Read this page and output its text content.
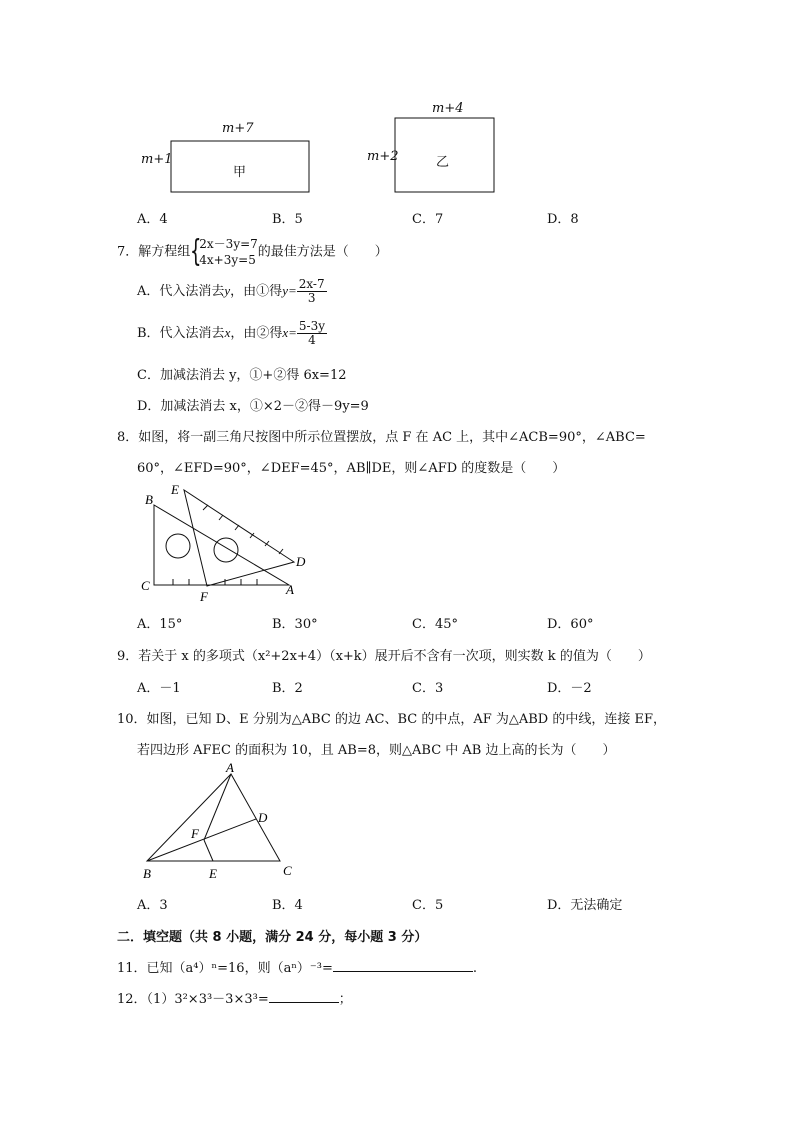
m+7
m+1
甲
m+4
m+2	乙
A．4	B．5	C．7	D．8
7．解方程组 {
2x－3y=7
4x+3y=5
的最佳方法是（　　）
A．代入法消去y，由①得$y= \frac{2x-7}{3}$
B．代入法消去x，由②得$x= \frac{5-3y}{4}$
C．加减法消去 y，①+②得 6x=12
D．加减法消去 x，①×2－②得－9y=9
8．如图，将一副三角尺按图中所示位置摆放，点 F 在 AC 上，其中∠ACB=90°，∠ABC=
60°，∠EFD=90°，∠DEF=45°，AB∥DE，则∠AFD 的度数是（　　）
B
E
C
F	A
D
A．15°	B．30°	C．45°	D．60°
9．若关于 x 的多项式（x²+2x+4）（x+k）展开后不含有一次项，则实数 k 的值为（　　）
A．－1	B．2	C．3	D．－2
10．如图，已知 D、E 分别为△ABC 的边 AC、BC 的中点，AF 为△ABD 的中线，连接 EF，
若四边形 AFEC 的面积为 10，且 AB=8，则△ABC 中 AB 边上高的长为（　　）
A
D
F
B	E	C
A．3	B．4	C．5	D．无法确定
二．填空题（共 8 小题，满分 24 分，每小题 3 分）
11．已知（a⁴）ⁿ=16，则（aⁿ）⁻³=	.
12．（1）3²×3³－3×3³=	；
